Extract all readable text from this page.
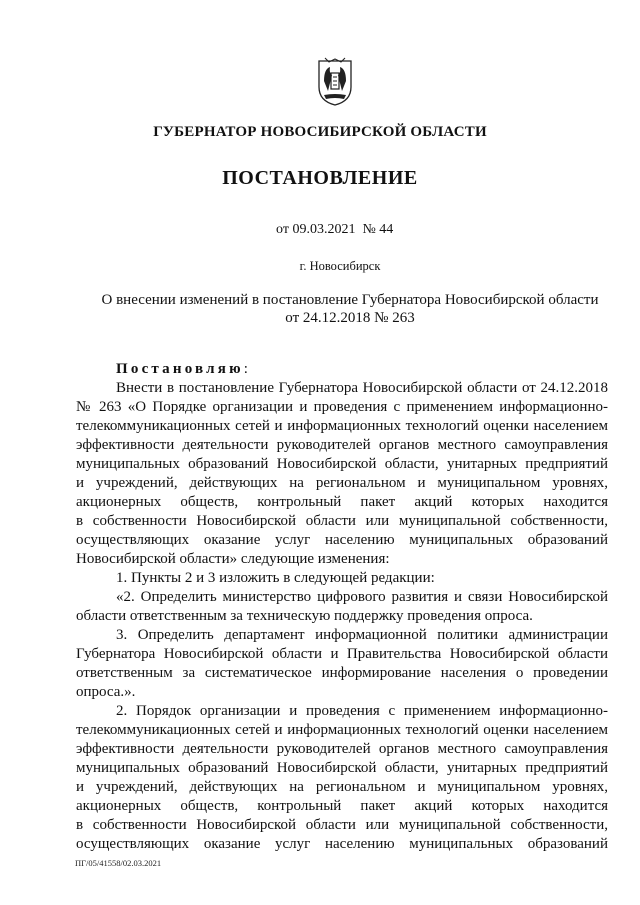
ГУБЕРНАТОР НОВОСИБИРСКОЙ ОБЛАСТИ
ПОСТАНОВЛЕНИЕ
от 09.03.2021 № 44
г. Новосибирск
О внесении изменений в постановление Губернатора Новосибирской области
от 24.12.2018 № 263
Постановляю:
Внести в постановление Губернатора Новосибирской области от 24.12.2018
№ 263 «О Порядке организации и проведения с применением информационно-
телекоммуникационных сетей и информационных технологий оценки населением
эффективности деятельности руководителей органов местного самоуправления
муниципальных образований Новосибирской области, унитарных предприятий
и учреждений, действующих на региональном и муниципальном уровнях,
акционерных обществ, контрольный пакет акций которых находится
в собственности Новосибирской области или муниципальной собственности,
осуществляющих оказание услуг населению муниципальных образований
Новосибирской области» следующие изменения:
1. Пункты 2 и 3 изложить в следующей редакции:
«2. Определить министерство цифрового развития и связи Новосибирской
области ответственным за техническую поддержку проведения опроса.
3. Определить департамент информационной политики администрации
Губернатора Новосибирской области и Правительства Новосибирской области
ответственным за систематическое информирование населения о проведении
опроса.».
2. Порядок организации и проведения с применением информационно-
телекоммуникационных сетей и информационных технологий оценки населением
эффективности деятельности руководителей органов местного самоуправления
муниципальных образований Новосибирской области, унитарных предприятий
и учреждений, действующих на региональном и муниципальном уровнях,
акционерных обществ, контрольный пакет акций которых находится
в собственности Новосибирской области или муниципальной собственности,
осуществляющих оказание услуг населению муниципальных образований
ПГ/05/41558/02.03.2021
